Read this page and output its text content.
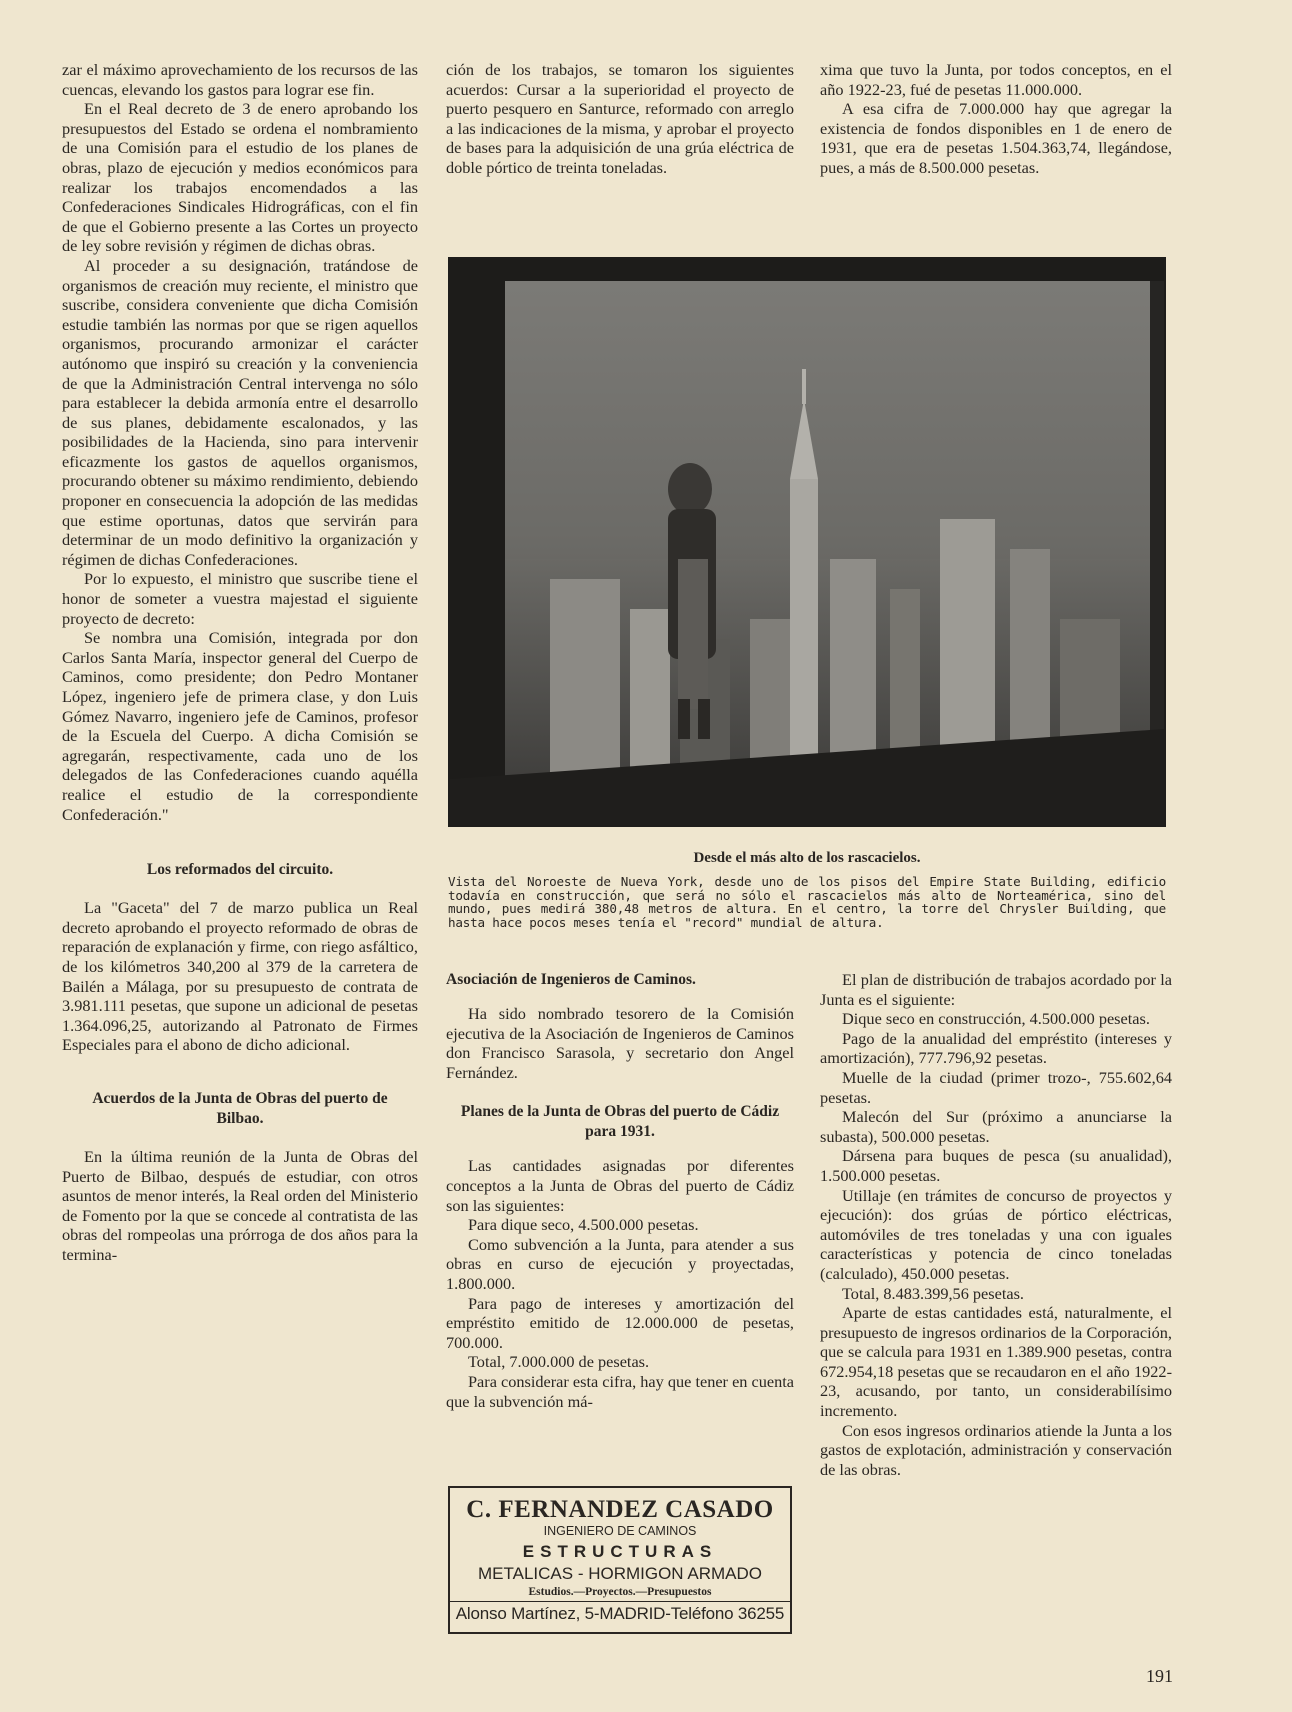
zar el máximo aprovechamiento de los recursos de las cuencas, elevando los gastos para lograr ese fin.

En el Real decreto de 3 de enero aprobando los presupuestos del Estado se ordena el nombramiento de una Comisión para el estudio de los planes de obras, plazo de ejecución y medios económicos para realizar los trabajos encomendados a las Confederaciones Sindicales Hidrográficas, con el fin de que el Gobierno presente a las Cortes un proyecto de ley sobre revisión y régimen de dichas obras.

Al proceder a su designación, tratándose de organismos de creación muy reciente, el ministro que suscribe, considera conveniente que dicha Comisión estudie también las normas por que se rigen aquellos organismos, procurando armonizar el carácter autónomo que inspiró su creación y la conveniencia de que la Administración Central intervenga no sólo para establecer la debida armonía entre el desarrollo de sus planes, debidamente escalonados, y las posibilidades de la Hacienda, sino para intervenir eficazmente los gastos de aquellos organismos, procurando obtener su máximo rendimiento, debiendo proponer en consecuencia la adopción de las medidas que estime oportunas, datos que servirán para determinar de un modo definitivo la organización y régimen de dichas Confederaciones.

Por lo expuesto, el ministro que suscribe tiene el honor de someter a vuestra majestad el siguiente proyecto de decreto:

Se nombra una Comisión, integrada por don Carlos Santa María, inspector general del Cuerpo de Caminos, como presidente; don Pedro Montaner López, ingeniero jefe de primera clase, y don Luis Gómez Navarro, ingeniero jefe de Caminos, profesor de la Escuela del Cuerpo. A dicha Comisión se agregarán, respectivamente, cada uno de los delegados de las Confederaciones cuando aquélla realice el estudio de la correspondiente Confederación."

Los reformados del circuito.

La "Gaceta" del 7 de marzo publica un Real decreto aprobando el proyecto reformado de obras de reparación de explanación y firme, con riego asfáltico, de los kilómetros 340,200 al 379 de la carretera de Bailén a Málaga, por su presupuesto de contrata de 3.981.111 pesetas, que supone un adicional de pesetas 1.364.096,25, autorizando al Patronato de Firmes Especiales para el abono de dicho adicional.

Acuerdos de la Junta de Obras del puerto de Bilbao.

En la última reunión de la Junta de Obras del Puerto de Bilbao, después de estudiar, con otros asuntos de menor interés, la Real orden del Ministerio de Fomento por la que se concede al contratista de las obras del rompeolas una prórroga de dos años para la termina-

ción de los trabajos, se tomaron los siguientes acuerdos: Cursar a la superioridad el proyecto de puerto pesquero en Santurce, reformado con arreglo a las indicaciones de la misma, y aprobar el proyecto de bases para la adquisición de una grúa eléctrica de doble pórtico de treinta toneladas.

xima que tuvo la Junta, por todos conceptos, en el año 1922-23, fué de pesetas 11.000.000.

A esa cifra de 7.000.000 hay que agregar la existencia de fondos disponibles en 1 de enero de 1931, que era de pesetas 1.504.363,74, llegándose, pues, a más de 8.500.000 pesetas.

Desde el más alto de los rascacielos.
Vista del Noroeste de Nueva York, desde uno de los pisos del Empire State Building, edificio todavía en construcción, que será no sólo el rascacielos más alto de Norteamérica, sino del mundo, pues medirá 380,48 metros de altura. En el centro, la torre del Chrysler Building, que hasta hace pocos meses tenía el "record" mundial de altura.
Asociación de Ingenieros de Caminos.

Ha sido nombrado tesorero de la Comisión ejecutiva de la Asociación de Ingenieros de Caminos don Francisco Sarasola, y secretario don Angel Fernández.

Planes de la Junta de Obras del puerto de Cádiz para 1931.

Las cantidades asignadas por diferentes conceptos a la Junta de Obras del puerto de Cádiz son las siguientes:

Para dique seco, 4.500.000 pesetas.

Como subvención a la Junta, para atender a sus obras en curso de ejecución y proyectadas, 1.800.000.

Para pago de intereses y amortización del empréstito emitido de 12.000.000 de pesetas, 700.000.

Total, 7.000.000 de pesetas.

Para considerar esta cifra, hay que tener en cuenta que la subvención má-

El plan de distribución de trabajos acordado por la Junta es el siguiente:

Dique seco en construcción, 4.500.000 pesetas.

Pago de la anualidad del empréstito (intereses y amortización), 777.796,92 pesetas.

Muelle de la ciudad (primer trozo-, 755.602,64 pesetas.

Malecón del Sur (próximo a anunciarse la subasta), 500.000 pesetas.

Dársena para buques de pesca (su anualidad), 1.500.000 pesetas.

Utillaje (en trámites de concurso de proyectos y ejecución): dos grúas de pórtico eléctricas, automóviles de tres toneladas y una con iguales características y potencia de cinco toneladas (calculado), 450.000 pesetas.

Total, 8.483.399,56 pesetas.

Aparte de estas cantidades está, naturalmente, el presupuesto de ingresos ordinarios de la Corporación, que se calcula para 1931 en 1.389.900 pesetas, contra 672.954,18 pesetas que se recaudaron en el año 1922-23, acusando, por tanto, un considerabilísimo incremento.

Con esos ingresos ordinarios atiende la Junta a los gastos de explotación, administración y conservación de las obras.

C. FERNANDEZ CASADO
INGENIERO DE CAMINOS
ESTRUCTURAS
METALICAS - HORMIGON ARMADO
Estudios.—Proyectos.—Presupuestos
Alonso Martínez, 5-MADRID-Teléfono 36255
191
